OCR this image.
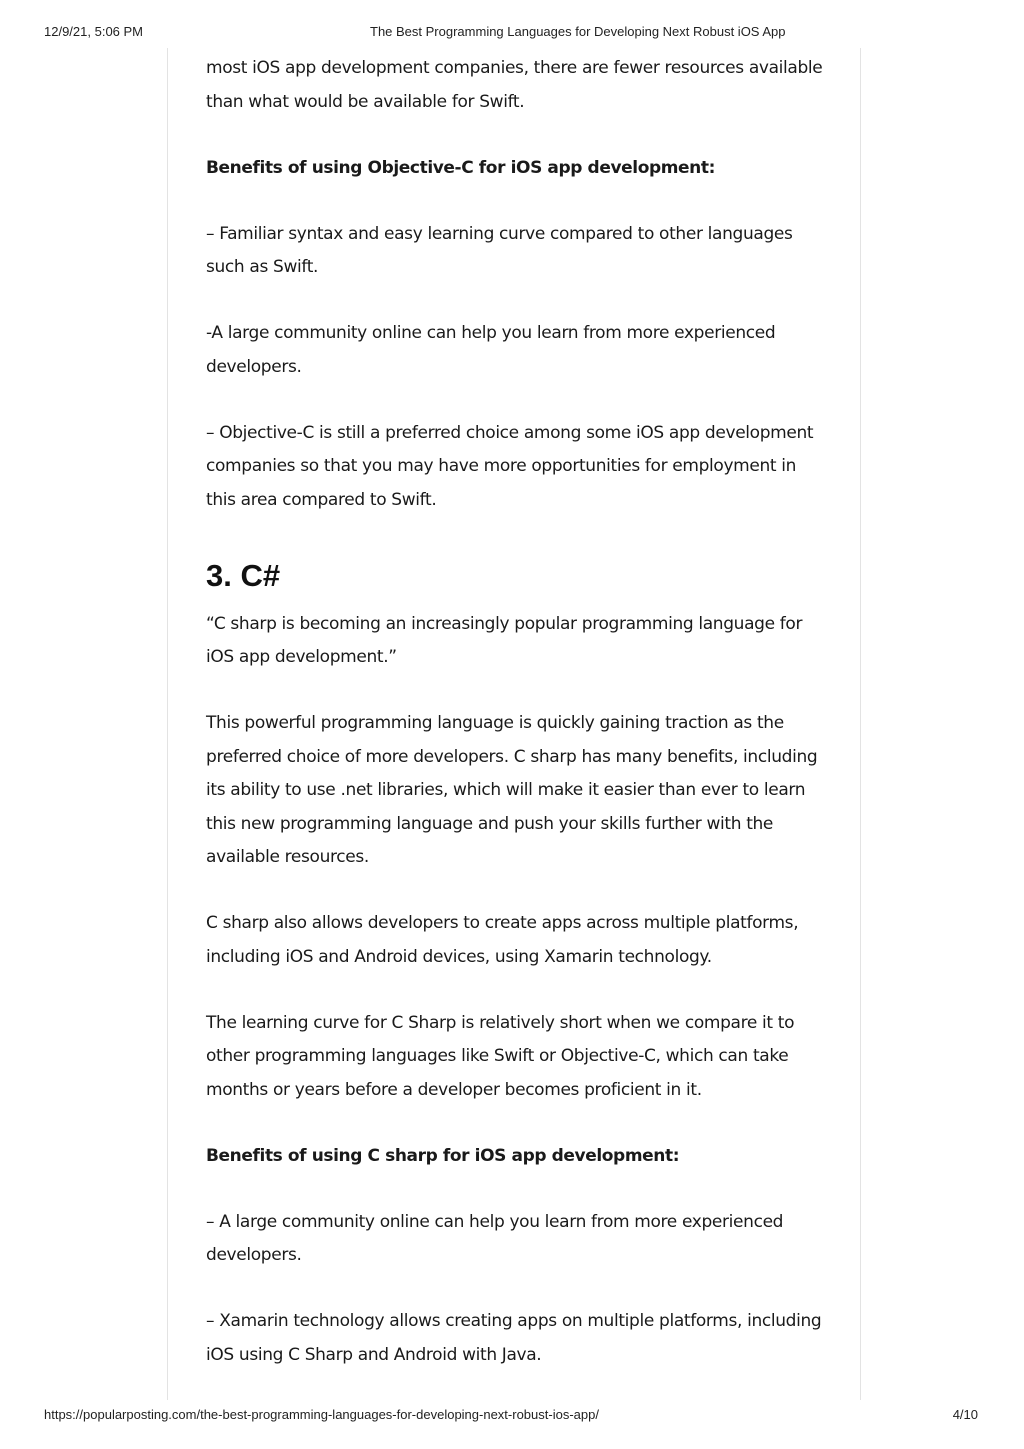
12/9/21, 5:06 PM	The Best Programming Languages for Developing Next Robust iOS App

most iOS app development companies, there are fewer resources available than what would be available for Swift.

Benefits of using Objective-C for iOS app development:

– Familiar syntax and easy learning curve compared to other languages such as Swift.

-A large community online can help you learn from more experienced developers.

– Objective-C is still a preferred choice among some iOS app development companies so that you may have more opportunities for employment in this area compared to Swift.

3. C#

“C sharp is becoming an increasingly popular programming language for iOS app development.”

This powerful programming language is quickly gaining traction as the preferred choice of more developers. C sharp has many benefits, including its ability to use .net libraries, which will make it easier than ever to learn this new programming language and push your skills further with the available resources.

C sharp also allows developers to create apps across multiple platforms, including iOS and Android devices, using Xamarin technology.

The learning curve for C Sharp is relatively short when we compare it to other programming languages like Swift or Objective-C, which can take months or years before a developer becomes proficient in it.

Benefits of using C sharp for iOS app development:

– A large community online can help you learn from more experienced developers.

– Xamarin technology allows creating apps on multiple platforms, including iOS using C Sharp and Android with Java.

https://popularposting.com/the-best-programming-languages-for-developing-next-robust-ios-app/	4/10
